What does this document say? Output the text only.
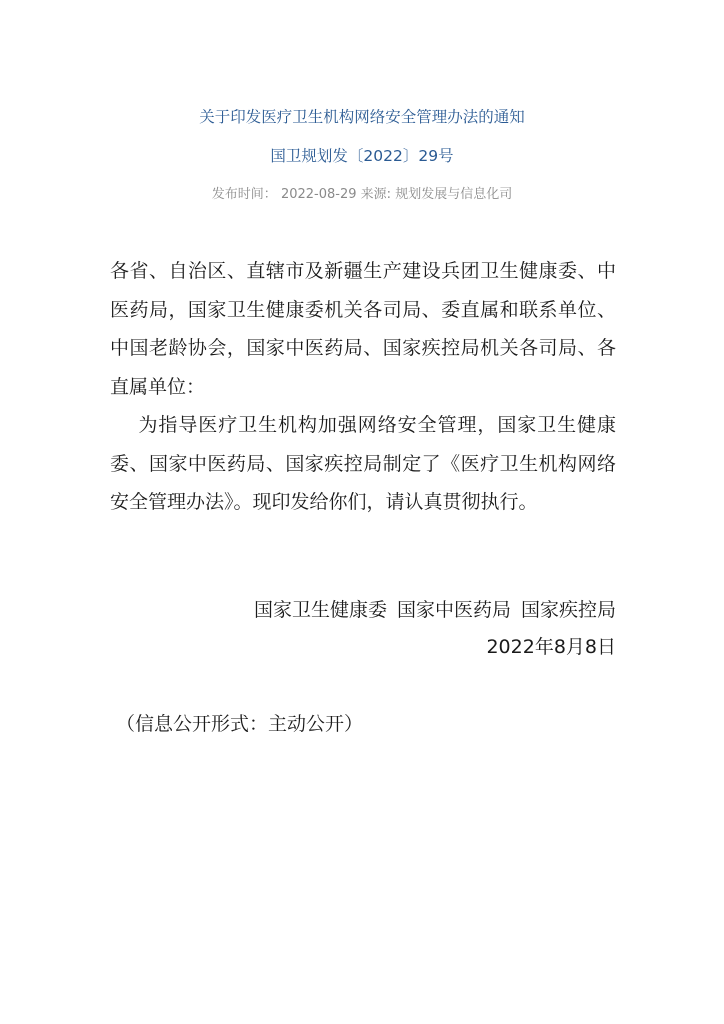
关于印发医疗卫生机构网络安全管理办法的通知
国卫规划发〔2022〕29号
发布时间： 2022-08-29 来源: 规划发展与信息化司

各省、自治区、直辖市及新疆生产建设兵团卫生健康委、中医药局，国家卫生健康委机关各司局、委直属和联系单位、中国老龄协会，国家中医药局、国家疾控局机关各司局、各直属单位：

为指导医疗卫生机构加强网络安全管理，国家卫生健康委、国家中医药局、国家疾控局制定了《医疗卫生机构网络安全管理办法》。现印发给你们，请认真贯彻执行。

国家卫生健康委 国家中医药局 国家疾控局
2022年8月8日
（信息公开形式：主动公开）
